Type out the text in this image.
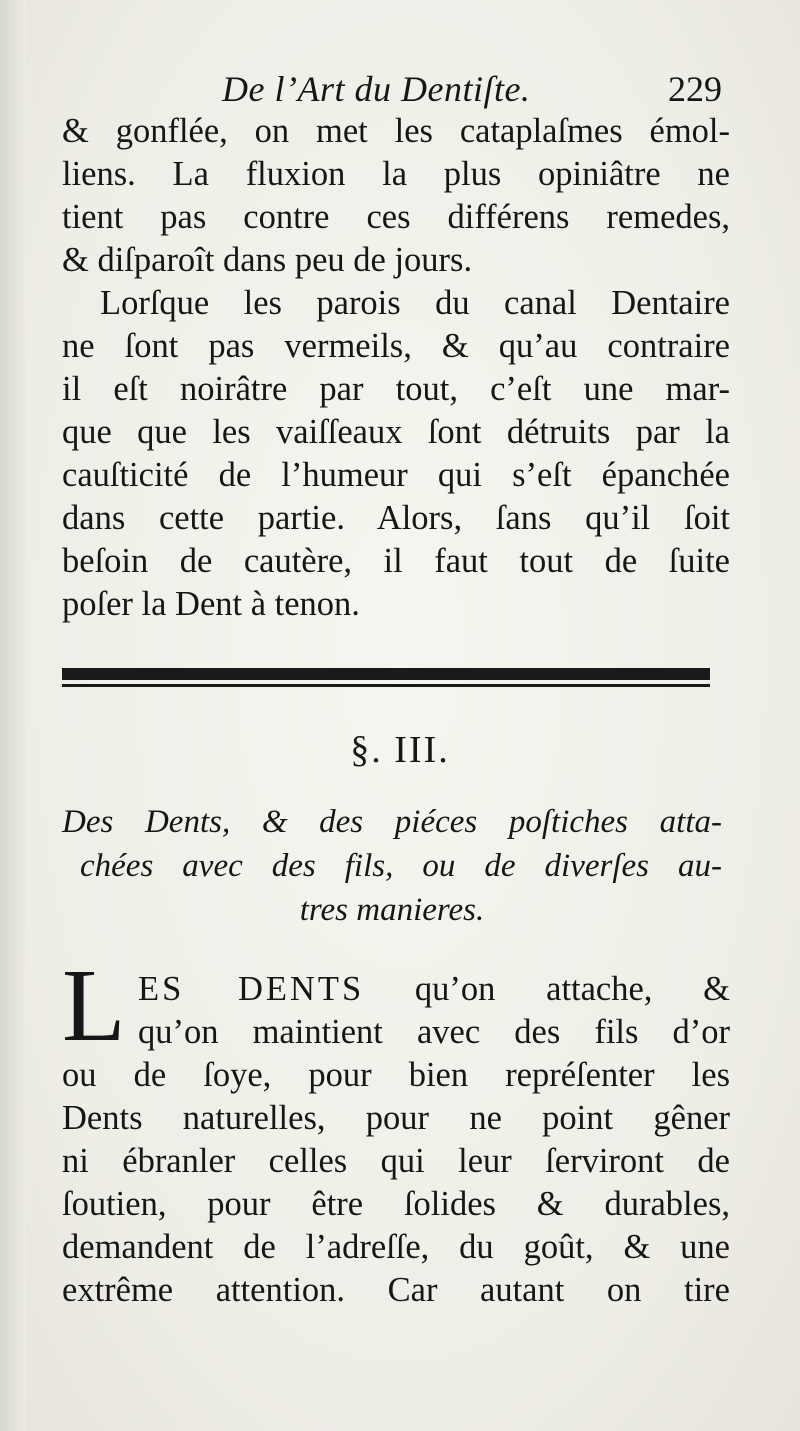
De l’Art du Dentiſte.	229
& gonflée, on met les cataplaſmes émol-
liens. La fluxion la plus opiniâtre ne
tient pas contre ces différens remedes,
& diſparoît dans peu de jours.
Lorſque les parois du canal Dentaire
ne ſont pas vermeils, & qu’au contraire
il eſt noirâtre par tout, c’eſt une mar-
que que les vaiſſeaux ſont détruits par la
cauſticité de l’humeur qui s’eſt épanchée
dans cette partie. Alors, ſans qu’il ſoit
beſoin de cautère, il faut tout de ſuite
poſer la Dent à tenon.
§. III.
Des Dents, & des piéces poſtiches atta-
chées avec des fils, ou de diverſes au-
tres manieres.
L ES DENTS qu’on attache, &
qu’on maintient avec des fils d’or
ou de ſoye, pour bien repréſenter les
Dents naturelles, pour ne point gêner
ni ébranler celles qui leur ſerviront de
ſoutien, pour être ſolides & durables,
demandent de l’adreſſe, du goût, & une
extrême attention. Car autant on tire
